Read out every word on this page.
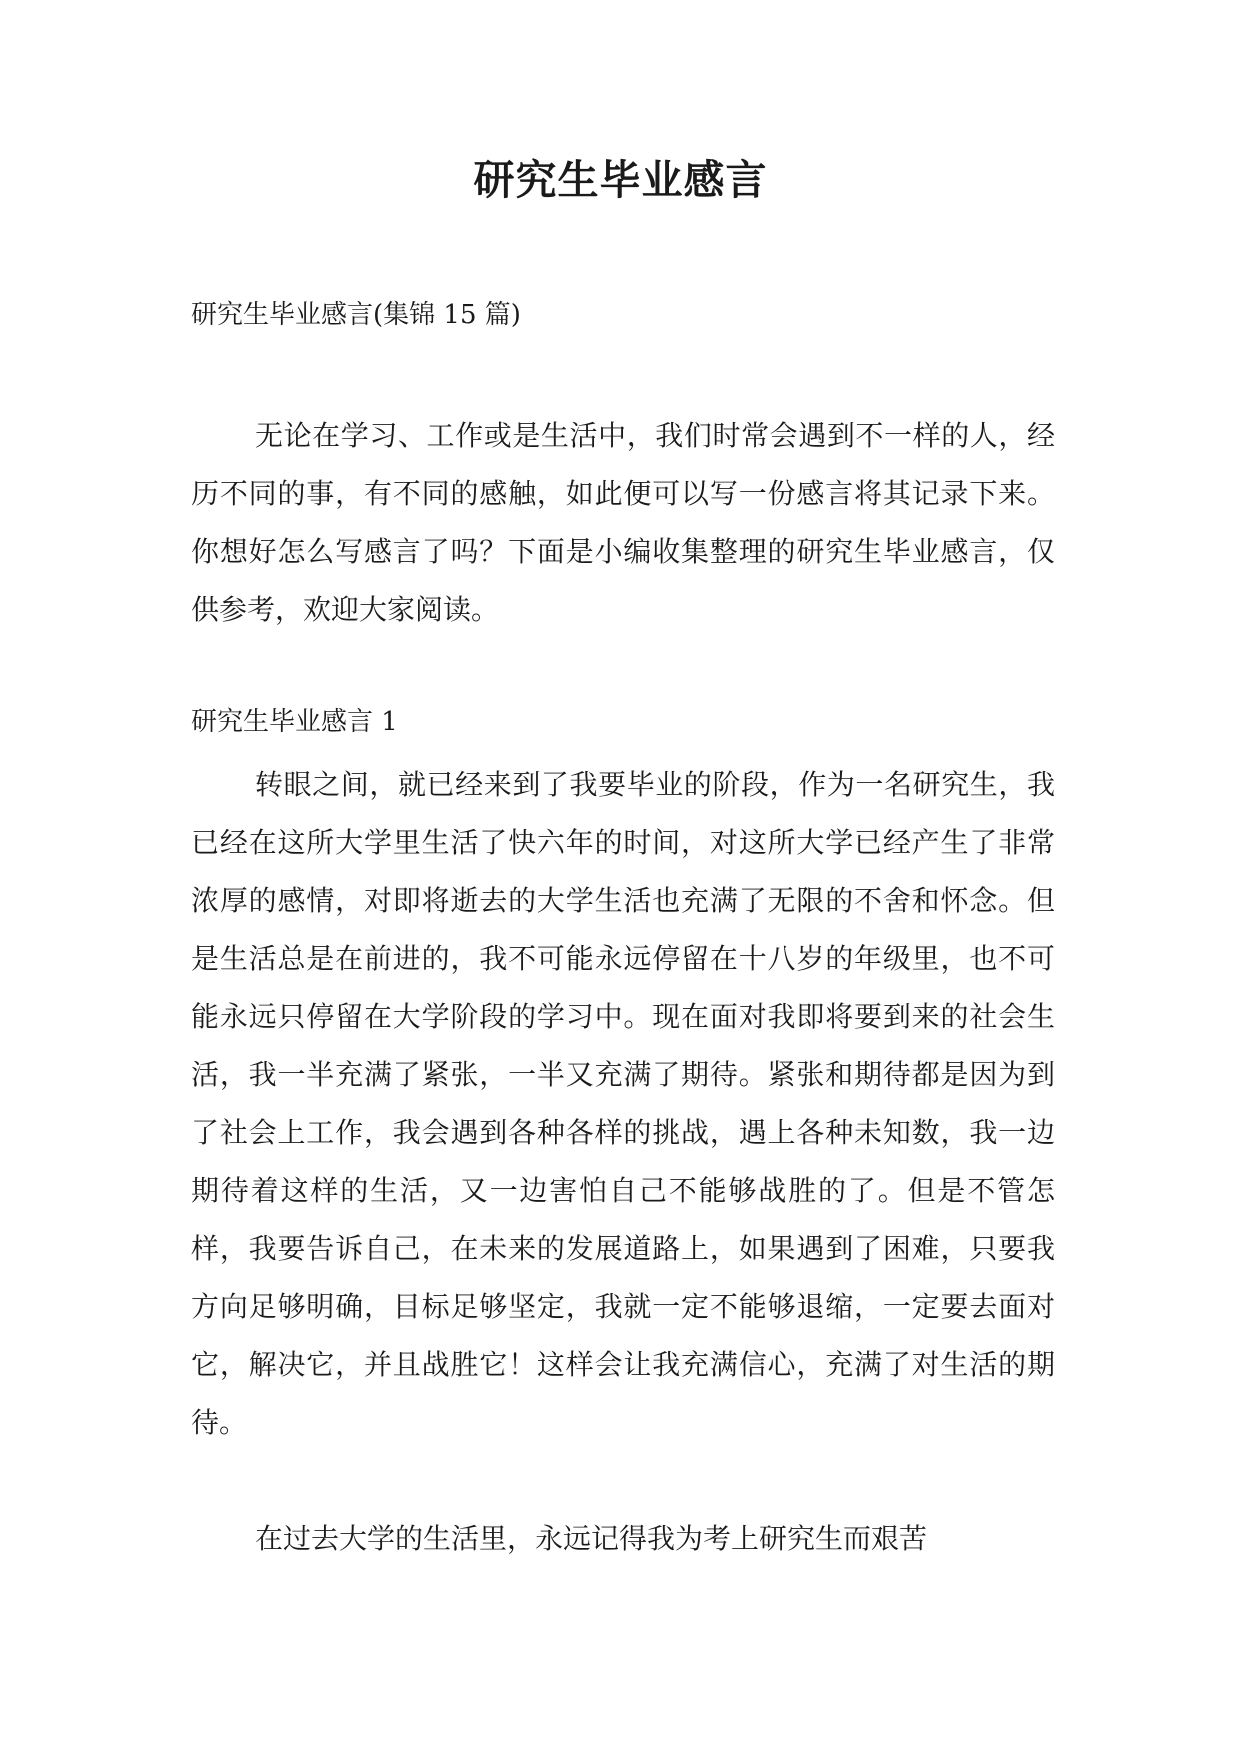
研究生毕业感言

研究生毕业感言(集锦 15 篇)

无论在学习、工作或是生活中，我们时常会遇到不一样的人，经历不同的事，有不同的感触，如此便可以写一份感言将其记录下来。你想好怎么写感言了吗？下面是小编收集整理的研究生毕业感言，仅供参考，欢迎大家阅读。

研究生毕业感言 1

转眼之间，就已经来到了我要毕业的阶段，作为一名研究生，我已经在这所大学里生活了快六年的时间，对这所大学已经产生了非常浓厚的感情，对即将逝去的大学生活也充满了无限的不舍和怀念。但是生活总是在前进的，我不可能永远停留在十八岁的年级里，也不可能永远只停留在大学阶段的学习中。现在面对我即将要到来的社会生活，我一半充满了紧张，一半又充满了期待。紧张和期待都是因为到了社会上工作，我会遇到各种各样的挑战，遇上各种未知数，我一边期待着这样的生活，又一边害怕自己不能够战胜的了。但是不管怎样，我要告诉自己，在未来的发展道路上，如果遇到了困难，只要我方向足够明确，目标足够坚定，我就一定不能够退缩，一定要去面对它，解决它，并且战胜它！这样会让我充满信心，充满了对生活的期待。

在过去大学的生活里，永远记得我为考上研究生而艰苦
